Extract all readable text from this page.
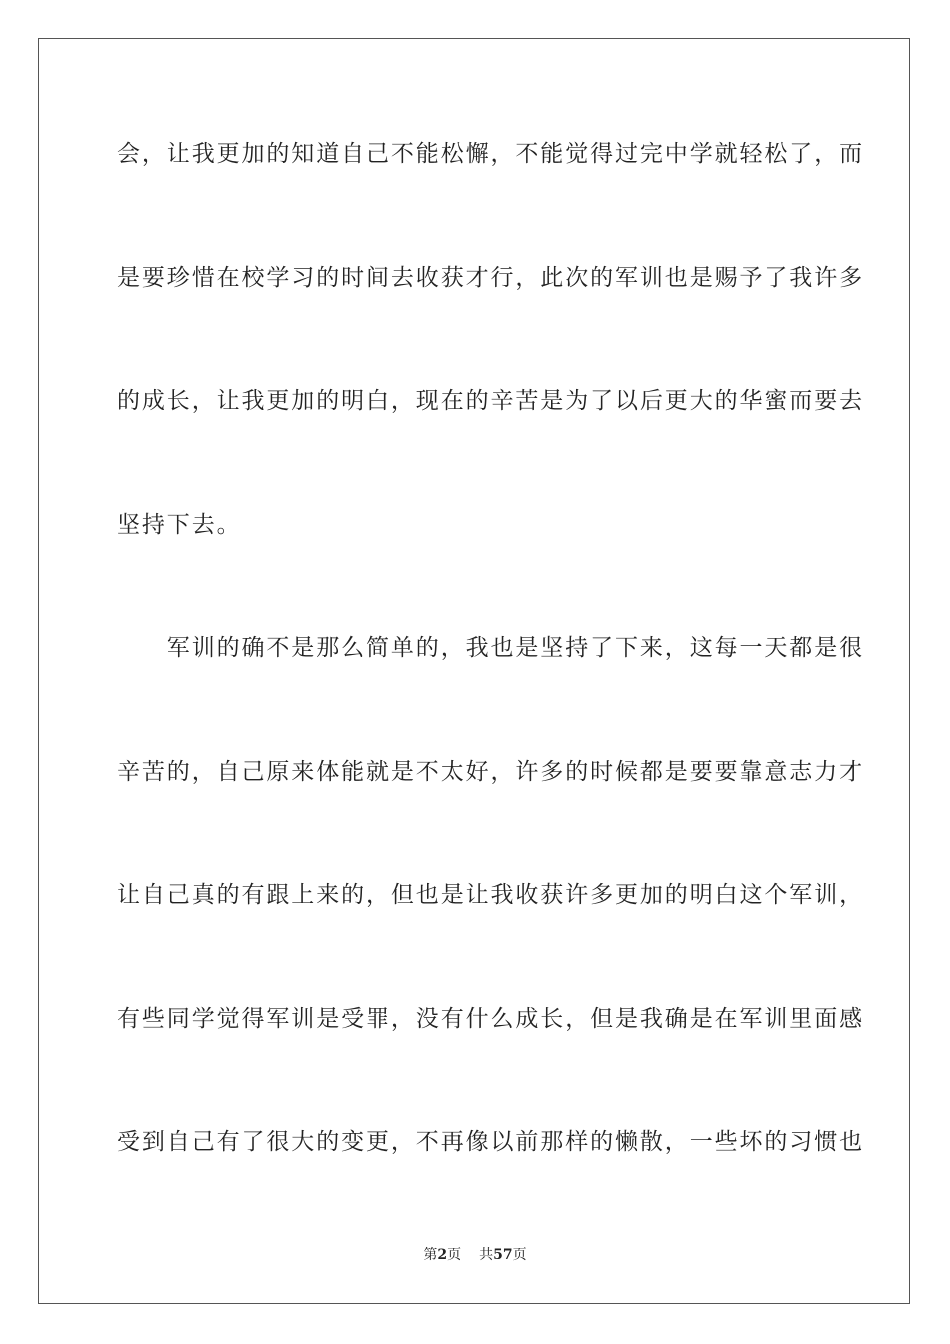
会，让我更加的知道自己不能松懈，不能觉得过完中学就轻松了，而
是要珍惜在校学习的时间去收获才行，此次的军训也是赐予了我许多
的成长，让我更加的明白，现在的辛苦是为了以后更大的华蜜而要去
坚持下去。
　　军训的确不是那么简单的，我也是坚持了下来，这每一天都是很
辛苦的，自己原来体能就是不太好，许多的时候都是要要靠意志力才
让自己真的有跟上来的，但也是让我收获许多更加的明白这个军训，
有些同学觉得军训是受罪，没有什么成长，但是我确是在军训里面感
受到自己有了很大的变更，不再像以前那样的懒散，一些坏的习惯也
第2页 共57页
